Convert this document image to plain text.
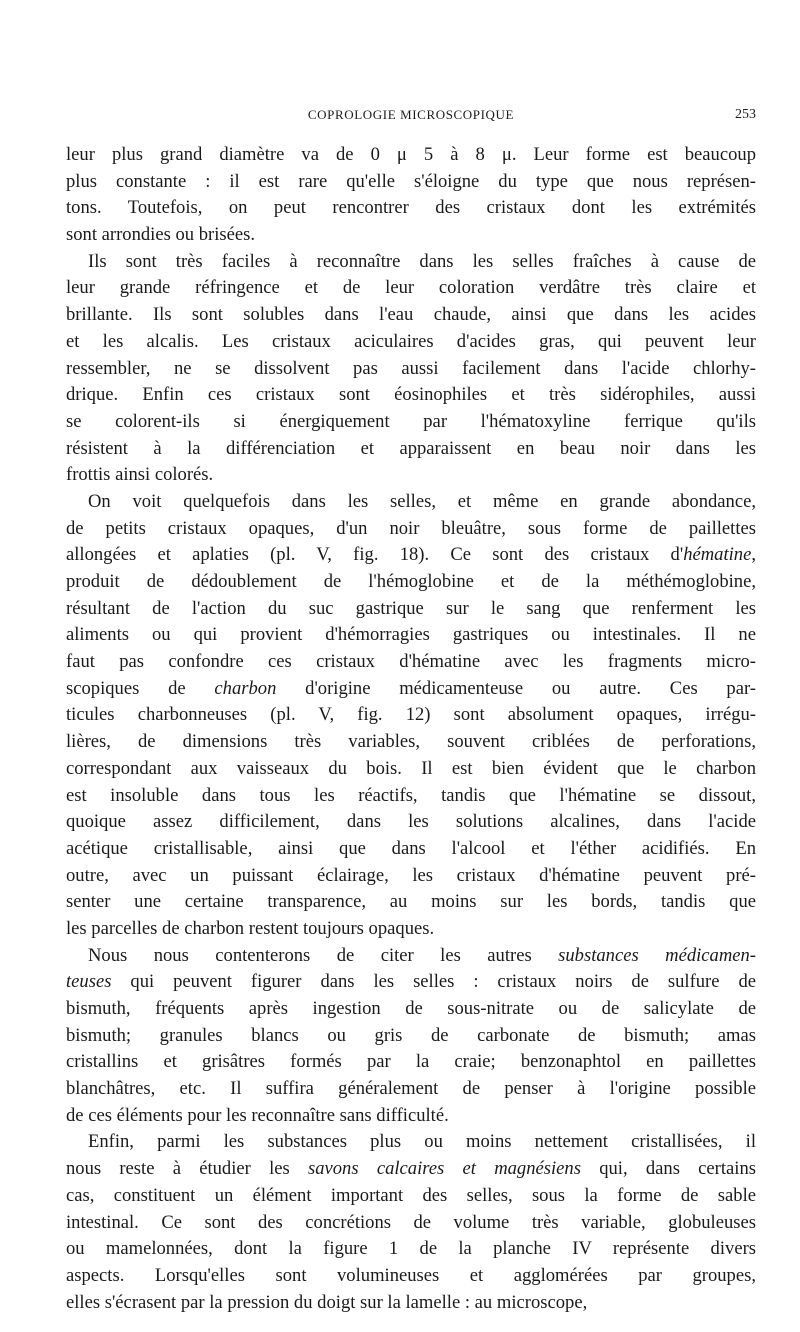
COPROLOGIE MICROSCOPIQUE	253
leur plus grand diamètre va de 0 μ 5 à 8 μ. Leur forme est beaucoup
plus constante : il est rare qu'elle s'éloigne du type que nous représen-
tons. Toutefois, on peut rencontrer des cristaux dont les extrémités
sont arrondies ou brisées.
Ils sont très faciles à reconnaître dans les selles fraîches à cause de
leur grande réfringence et de leur coloration verdâtre très claire et
brillante. Ils sont solubles dans l'eau chaude, ainsi que dans les acides
et les alcalis. Les cristaux aciculaires d'acides gras, qui peuvent leur
ressembler, ne se dissolvent pas aussi facilement dans l'acide chlorhy-
drique. Enfin ces cristaux sont éosinophiles et très sidérophiles, aussi
se colorent-ils si énergiquement par l'hématoxyline ferrique qu'ils
résistent à la différenciation et apparaissent en beau noir dans les
frottis ainsi colorés.
On voit quelquefois dans les selles, et même en grande abondance,
de petits cristaux opaques, d'un noir bleuâtre, sous forme de paillettes
allongées et aplaties (pl. V, fig. 18). Ce sont des cristaux d'hématine,
produit de dédoublement de l'hémoglobine et de la méthémoglobine,
résultant de l'action du suc gastrique sur le sang que renferment les
aliments ou qui provient d'hémorragies gastriques ou intestinales. Il ne
faut pas confondre ces cristaux d'hématine avec les fragments micro-
scopiques de charbon d'origine médicamenteuse ou autre. Ces par-
ticules charbonneuses (pl. V, fig. 12) sont absolument opaques, irrégu-
lières, de dimensions très variables, souvent criblées de perforations,
correspondant aux vaisseaux du bois. Il est bien évident que le charbon
est insoluble dans tous les réactifs, tandis que l'hématine se dissout,
quoique assez difficilement, dans les solutions alcalines, dans l'acide
acétique cristallisable, ainsi que dans l'alcool et l'éther acidifiés. En
outre, avec un puissant éclairage, les cristaux d'hématine peuvent pré-
senter une certaine transparence, au moins sur les bords, tandis que
les parcelles de charbon restent toujours opaques.
Nous nous contenterons de citer les autres substances médicamen-
teuses qui peuvent figurer dans les selles : cristaux noirs de sulfure de
bismuth, fréquents après ingestion de sous-nitrate ou de salicylate de
bismuth; granules blancs ou gris de carbonate de bismuth; amas
cristallins et grisâtres formés par la craie; benzonaphtol en paillettes
blanchâtres, etc. Il suffira généralement de penser à l'origine possible
de ces éléments pour les reconnaître sans difficulté.
Enfin, parmi les substances plus ou moins nettement cristallisées, il
nous reste à étudier les savons calcaires et magnésiens qui, dans certains
cas, constituent un élément important des selles, sous la forme de sable
intestinal. Ce sont des concrétions de volume très variable, globuleuses
ou mamelonnées, dont la figure 1 de la planche IV représente divers
aspects. Lorsqu'elles sont volumineuses et agglomérées par groupes,
elles s'écrasent par la pression du doigt sur la lamelle : au microscope,
